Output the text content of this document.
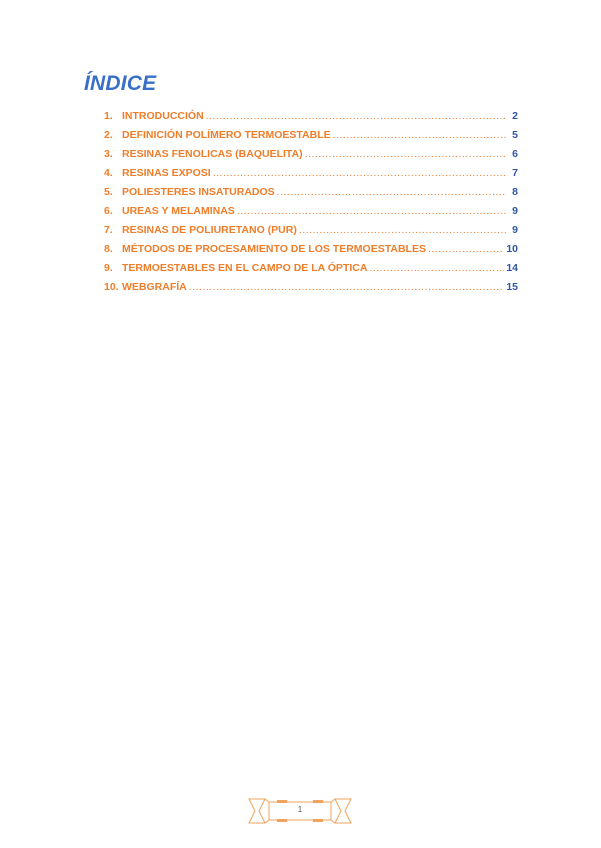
ÍNDICE
1. INTRODUCCIÓN .....	2
2. DEFINICIÓN POLÍMERO TERMOESTABLE .....	5
3. RESINAS FENOLICAS (BAQUELITA) .....	6
4. RESINAS EXPOSI .....	7
5. POLIESTERES INSATURADOS .....	8
6. UREAS Y MELAMINAS .....	9
7. RESINAS DE POLIURETANO (PUR) .....	9
8. MÉTODOS DE PROCESAMIENTO DE LOS TERMOESTABLES .....	10
9. TERMOESTABLES EN EL CAMPO DE LA ÓPTICA .....	14
10. WEBGRAFÍA .....	15
1
